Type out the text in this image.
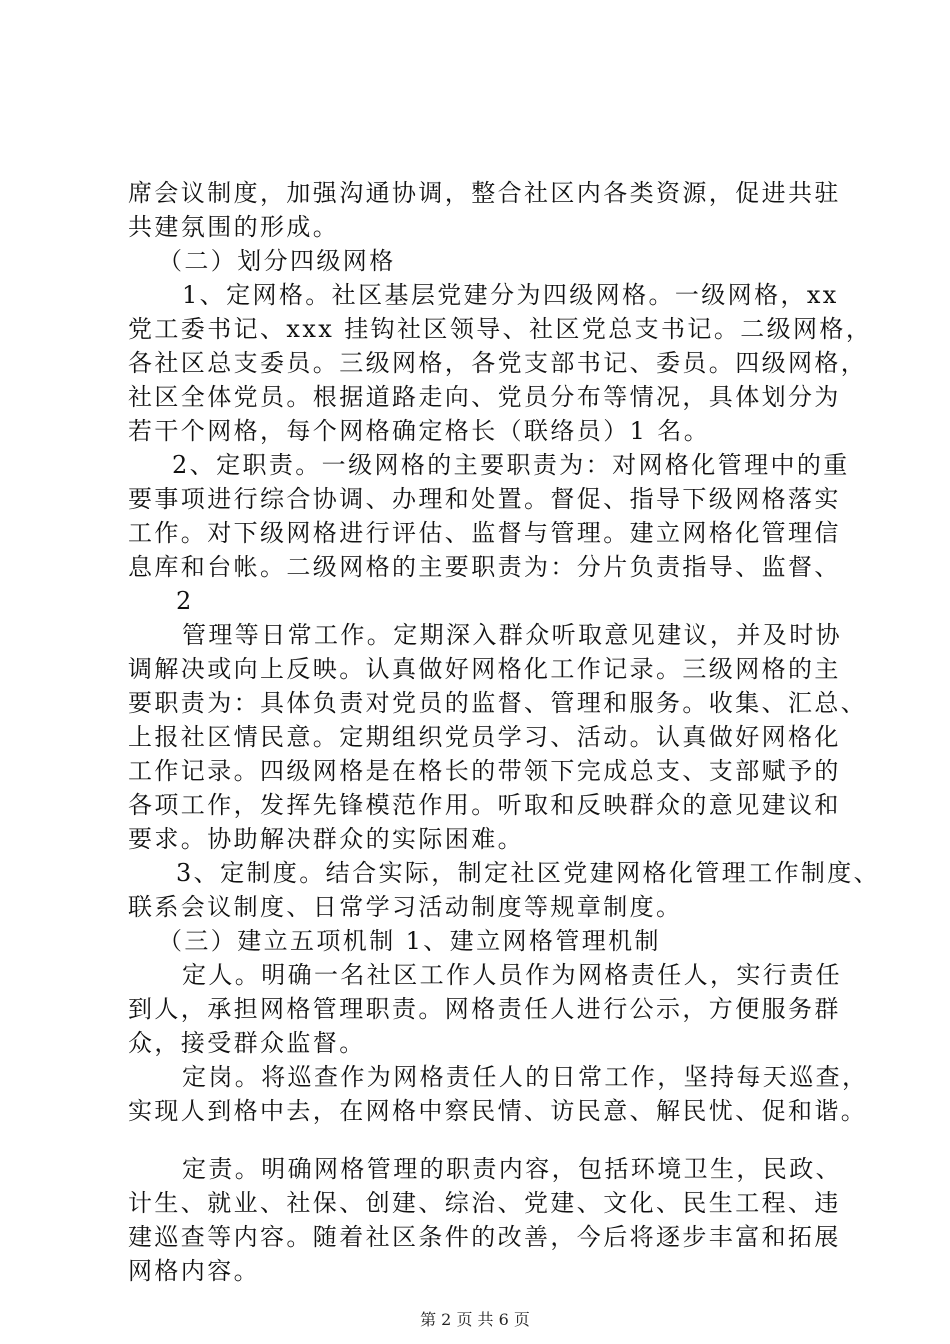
席会议制度，加强沟通协调，整合社区内各类资源，促进共驻
共建氛围的形成。
（二）划分四级网格
1、定网格。社区基层党建分为四级网格。一级网格，xx
党工委书记、xxx 挂钩社区领导、社区党总支书记。二级网格，
各社区总支委员。三级网格，各党支部书记、委员。四级网格，
社区全体党员。根据道路走向、党员分布等情况，具体划分为
若干个网格，每个网格确定格长（联络员）1 名。
2、定职责。一级网格的主要职责为：对网格化管理中的重
要事项进行综合协调、办理和处置。督促、指导下级网格落实
工作。对下级网格进行评估、监督与管理。建立网格化管理信
息库和台帐。二级网格的主要职责为：分片负责指导、监督、
2
管理等日常工作。定期深入群众听取意见建议，并及时协
调解决或向上反映。认真做好网格化工作记录。三级网格的主
要职责为：具体负责对党员的监督、管理和服务。收集、汇总、
上报社区情民意。定期组织党员学习、活动。认真做好网格化
工作记录。四级网格是在格长的带领下完成总支、支部赋予的
各项工作，发挥先锋模范作用。听取和反映群众的意见建议和
要求。协助解决群众的实际困难。
3、定制度。结合实际，制定社区党建网格化管理工作制度、
联系会议制度、日常学习活动制度等规章制度。
（三）建立五项机制 1、建立网格管理机制
定人。明确一名社区工作人员作为网格责任人，实行责任
到人，承担网格管理职责。网格责任人进行公示，方便服务群
众，接受群众监督。
定岗。将巡查作为网格责任人的日常工作，坚持每天巡查，
实现人到格中去，在网格中察民情、访民意、解民忧、促和谐。
定责。明确网格管理的职责内容，包括环境卫生，民政、
计生、就业、社保、创建、综治、党建、文化、民生工程、违
建巡查等内容。随着社区条件的改善，今后将逐步丰富和拓展
网格内容。
第 2 页 共 6 页
